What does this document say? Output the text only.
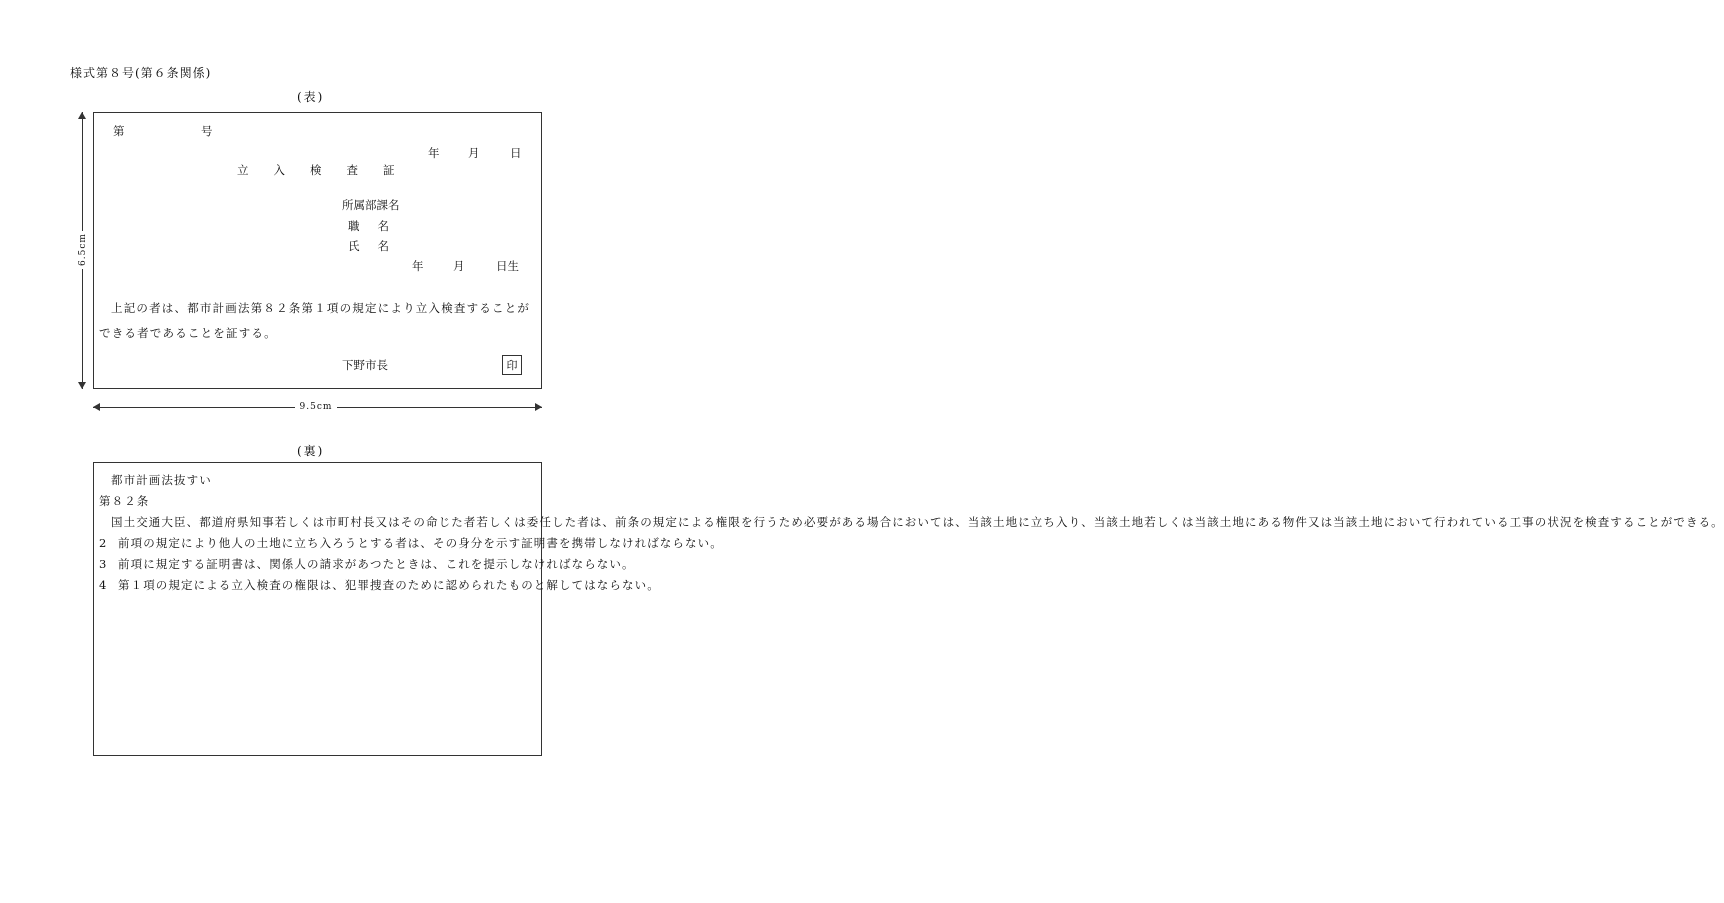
様式第８号(第６条関係)
(表)
6.5cm
第	号
年 月	日
立入検査証
所属部課名
職名
氏名
年	月	日生
上記の者は、都市計画法第８２条第１項の規定により立入検査することができる者であることを証する。
下野市長	印
9.5cm
(裏)

都市計画法抜すい

第８２条

国土交通大臣、都道府県知事若しくは市町村長又はその命じた者若しくは委任した者は、前条の規定による権限を行うため必要がある場合においては、当該土地に立ち入り、当該土地若しくは当該土地にある物件又は当該土地において行われている工事の状況を検査することができる。

2 前項の規定により他人の土地に立ち入ろうとする者は、その身分を示す証明書を携帯しなければならない。

3 前項に規定する証明書は、関係人の請求があつたときは、これを提示しなければならない。

4 第１項の規定による立入検査の権限は、犯罪捜査のために認められたものと解してはならない。
